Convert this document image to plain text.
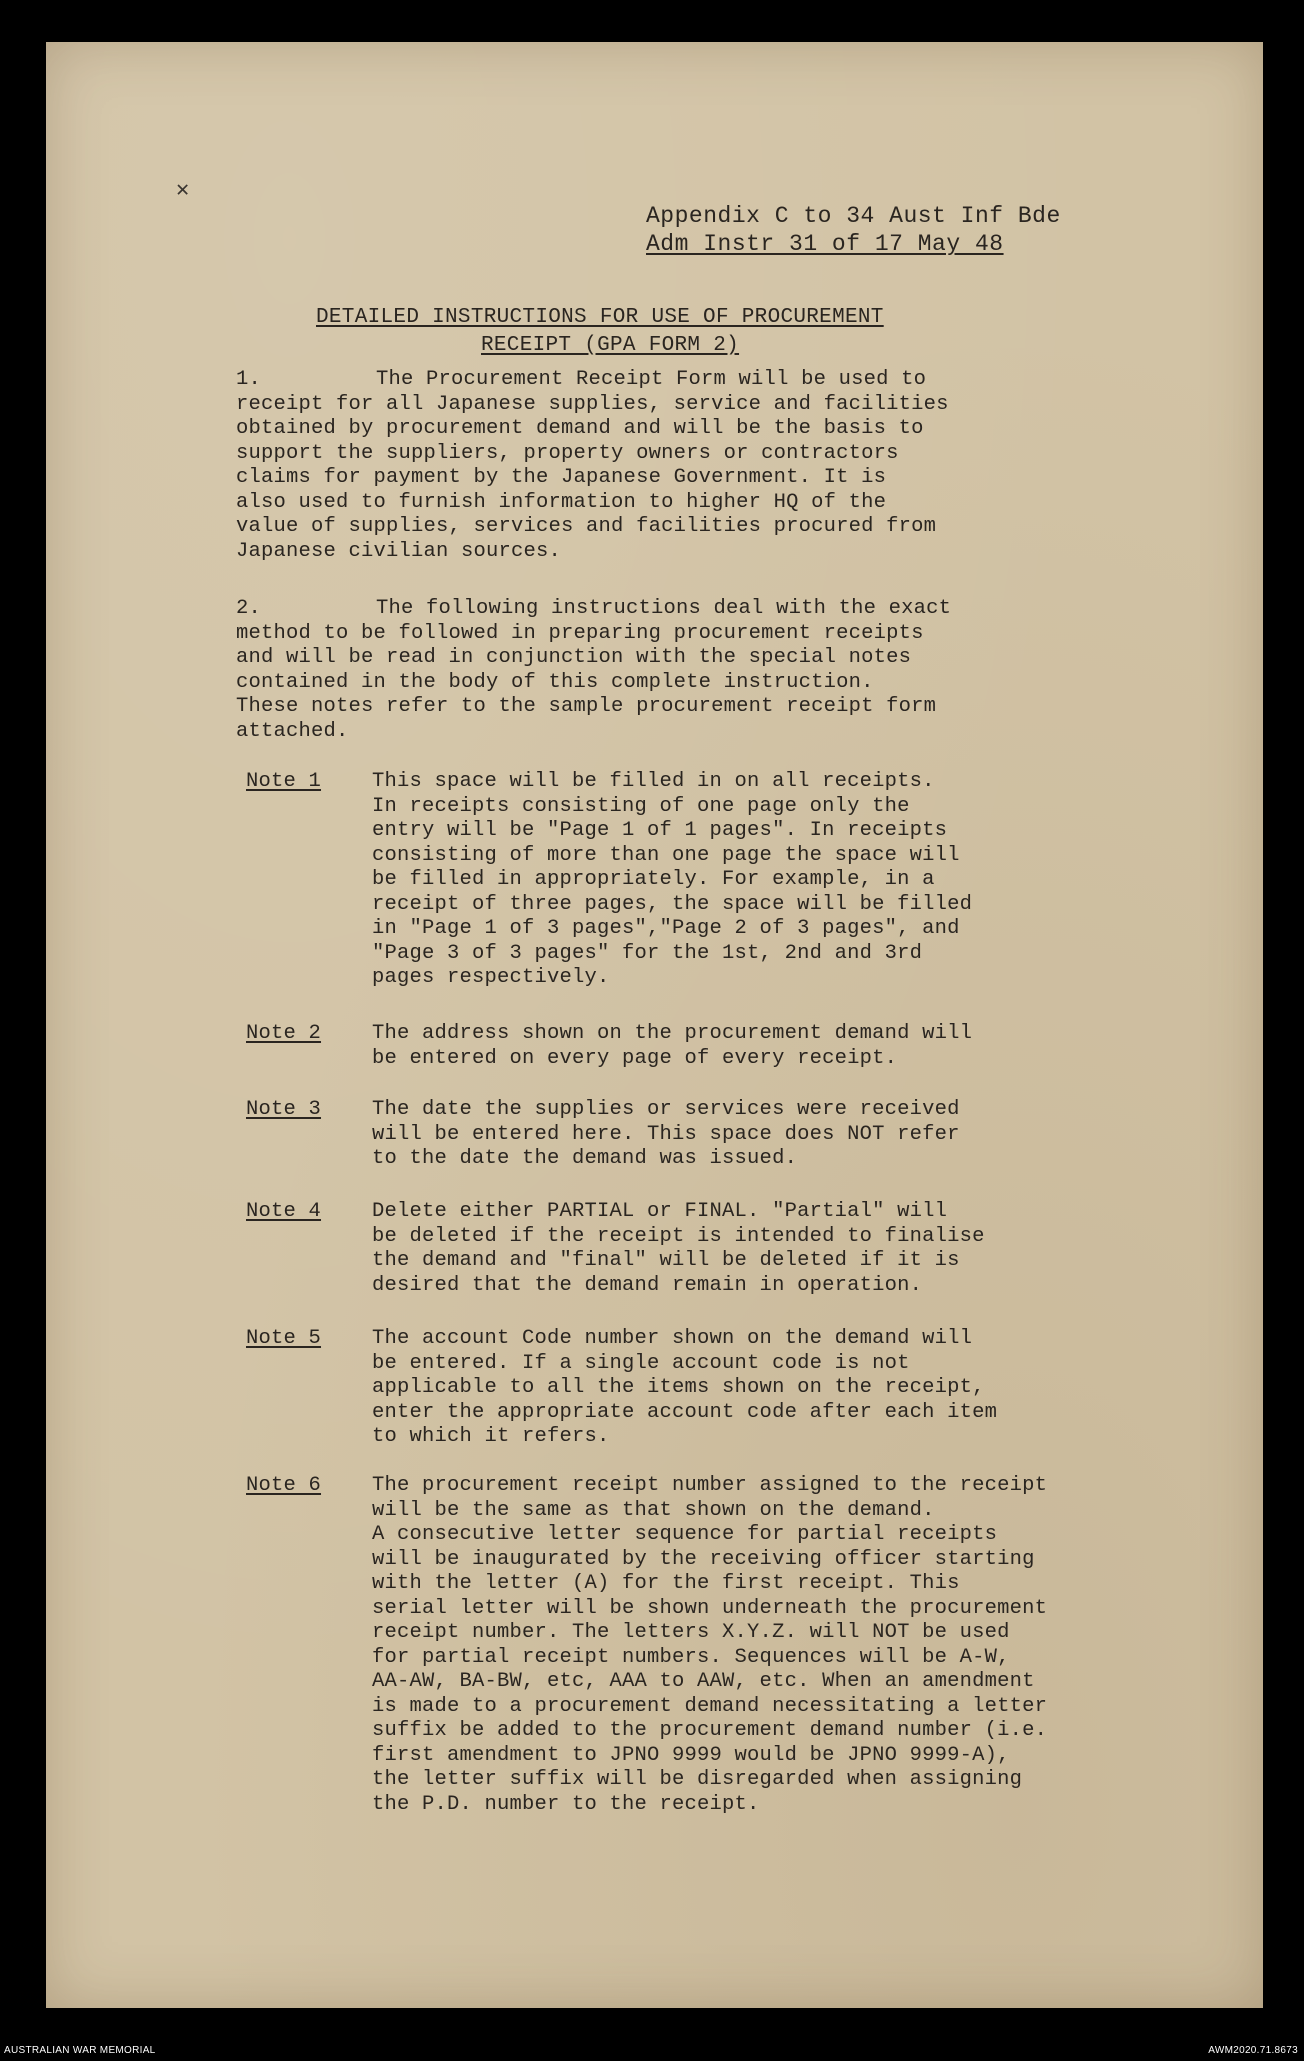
✕
Appendix C to 34 Aust Inf Bde
Adm Instr 31 of 17 May 48
DETAILED INSTRUCTIONS FOR USE OF PROCUREMENT
RECEIPT (GPA FORM 2)
1.	The Procurement Receipt Form will be used to
receipt for all Japanese supplies, service and facilities
obtained by procurement demand and will be the basis to
support the suppliers, property owners or contractors
claims for payment by the Japanese Government. It is
also used to furnish information to higher HQ of the
value of supplies, services and facilities procured from
Japanese civilian sources.
2.	The following instructions deal with the exact
method to be followed in preparing procurement receipts
and will be read in conjunction with the special notes
contained in the body of this complete instruction.
These notes refer to the sample procurement receipt form
attached.
Note 1 This space will be filled in on all receipts.
In receipts consisting of one page only the
entry will be "Page 1 of 1 pages". In receipts
consisting of more than one page the space will
be filled in appropriately. For example, in a
receipt of three pages, the space will be filled
in "Page 1 of 3 pages","Page 2 of 3 pages", and
"Page 3 of 3 pages" for the 1st, 2nd and 3rd
pages respectively.
Note 2 The address shown on the procurement demand will
be entered on every page of every receipt.
Note 3 The date the supplies or services were received
will be entered here. This space does NOT refer
to the date the demand was issued.
Note 4 Delete either PARTIAL or FINAL. "Partial" will
be deleted if the receipt is intended to finalise
the demand and "final" will be deleted if it is
desired that the demand remain in operation.
Note 5 The account Code number shown on the demand will
be entered. If a single account code is not
applicable to all the items shown on the receipt,
enter the appropriate account code after each item
to which it refers.
Note 6 The procurement receipt number assigned to the receipt
will be the same as that shown on the demand.
A consecutive letter sequence for partial receipts
will be inaugurated by the receiving officer starting
with the letter (A) for the first receipt. This
serial letter will be shown underneath the procurement
receipt number. The letters X.Y.Z. will NOT be used
for partial receipt numbers. Sequences will be A-W,
AA-AW, BA-BW, etc, AAA to AAW, etc. When an amendment
is made to a procurement demand necessitating a letter
suffix be added to the procurement demand number (i.e.
first amendment to JPNO 9999 would be JPNO 9999-A),
the letter suffix will be disregarded when assigning
the P.D. number to the receipt.
AUSTRALIAN WAR MEMORIAL	AWM2020.71.8673
